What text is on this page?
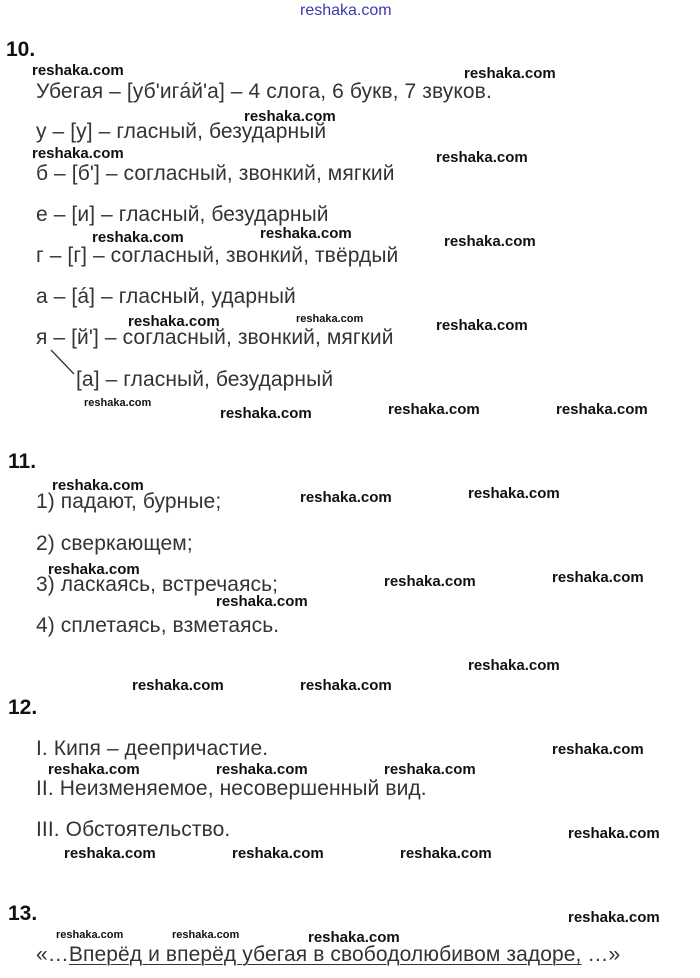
reshaka.com
10.
Убегая – [уб'игáй'а] – 4 слога, 6 букв, 7 звуков.
у – [у] – гласный, безударный
б – [б'] – согласный, звонкий, мягкий
е – [и] – гласный, безударный
г – [г] – согласный, звонкий, твёрдый
а – [á] – гласный, ударный
я – [й'] – согласный, звонкий, мягкий
[а] – гласный, безударный
11.
1) падают, бурные;
2) сверкающем;
3) ласкаясь, встречаясь;
4) сплетаясь, взметаясь.
12.
I. Кипя – деепричастие.
II. Неизменяемое, несовершенный вид.
III. Обстоятельство.
13.
«…Вперёд и вперёд убегая в свободолюбивом задоре, …»
reshaka.com	reshaka.com
reshaka.com
reshaka.com	reshaka.com
reshaka.com	reshaka.com	reshaka.com
reshaka.com	reshaka.com	reshaka.com
reshaka.com
reshaka.com	reshaka.com	reshaka.com
reshaka.com
reshaka.com	reshaka.com
reshaka.com
reshaka.com	reshaka.com
reshaka.com
reshaka.com
reshaka.com	reshaka.com
reshaka.com
reshaka.com	reshaka.com	reshaka.com
reshaka.com
reshaka.com	reshaka.com	reshaka.com
reshaka.com
reshaka.com	reshaka.com	reshaka.com
